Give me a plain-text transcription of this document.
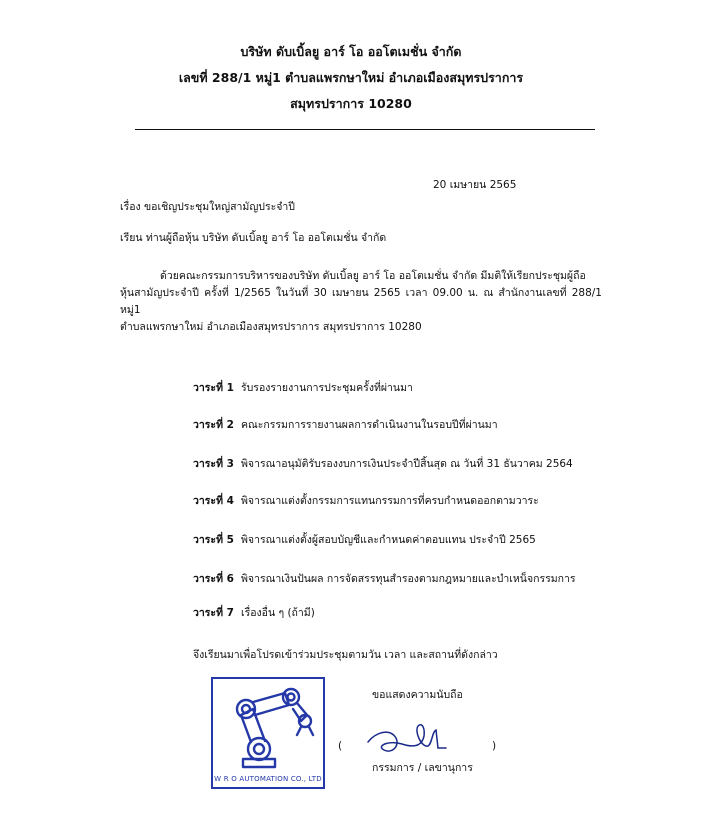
บริษัท ดับเบิ้ลยู อาร์ โอ ออโตเมชั่น จำกัด
เลขที่ 288/1 หมู่1 ตำบลแพรกษาใหม่ อำเภอเมืองสมุทรปราการ
สมุทรปราการ 10280
20 เมษายน 2565
เรื่อง ขอเชิญประชุมใหญ่สามัญประจำปี
เรียน ท่านผู้ถือหุ้น บริษัท ดับเบิ้ลยู อาร์ โอ ออโตเมชั่น จำกัด
ด้วยคณะกรรมการบริหารของบริษัท ดับเบิ้ลยู อาร์ โอ ออโตเมชั่น จำกัด มีมติให้เรียกประชุมผู้ถือ
หุ้นสามัญประจำปี ครั้งที่ 1/2565 ในวันที่ 30 เมษายน 2565 เวลา 09.00 น. ณ สำนักงานเลขที่ 288/1 หมู่1
ตำบลแพรกษาใหม่ อำเภอเมืองสมุทรปราการ สมุทรปราการ 10280
วาระที่ 1 รับรองรายงานการประชุมครั้งที่ผ่านมา
วาระที่ 2 คณะกรรมการรายงานผลการดำเนินงานในรอบปีที่ผ่านมา
วาระที่ 3 พิจารณาอนุมัติรับรองงบการเงินประจำปีสิ้นสุด ณ วันที่ 31 ธันวาคม 2564
วาระที่ 4 พิจารณาแต่งตั้งกรรมการแทนกรรมการที่ครบกำหนดออกตามวาระ
วาระที่ 5 พิจารณาแต่งตั้งผู้สอบบัญชีและกำหนดค่าตอบแทน ประจำปี 2565
วาระที่ 6 พิจารณาเงินปันผล การจัดสรรทุนสำรองตามกฎหมายและบำเหน็จกรรมการ
วาระที่ 7 เรื่องอื่น ๆ (ถ้ามี)
จึงเรียนมาเพื่อโปรดเข้าร่วมประชุมตามวัน เวลา และสถานที่ดังกล่าว
W R O AUTOMATION CO., LTD
ขอแสดงความนับถือ
(	)
กรรมการ / เลขานุการ
